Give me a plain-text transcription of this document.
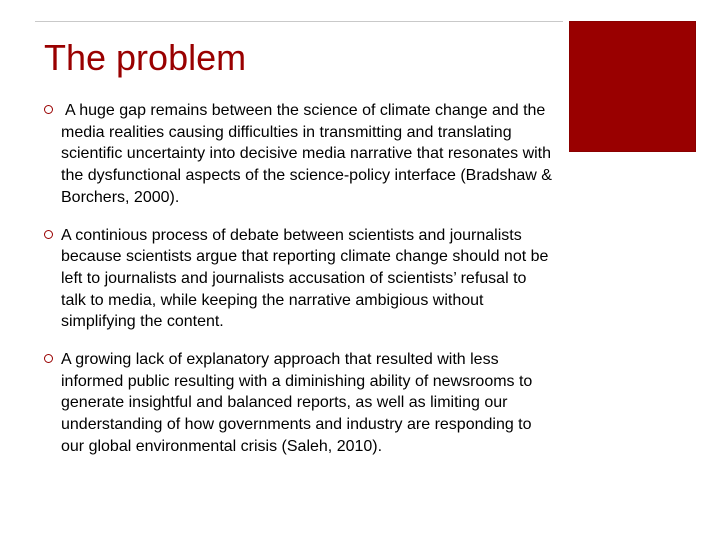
The problem
A huge gap remains between the science of climate change and the media realities causing difficulties in transmitting and translating scientific uncertainty into decisive media narrative that resonates with the dysfunctional aspects of the science-policy interface (Bradshaw & Borchers, 2000).
A continious process of debate between scientists and journalists because scientists argue that reporting climate change should not be left to journalists and journalists accusation of scientists’ refusal to talk to media, while keeping the narrative ambigious without simplifying the content.
A growing lack of explanatory approach that resulted with less informed public resulting with a diminishing ability of newsrooms to generate insightful and balanced reports, as well as limiting our understanding of how governments and industry are responding to our global environmental crisis (Saleh, 2010).
